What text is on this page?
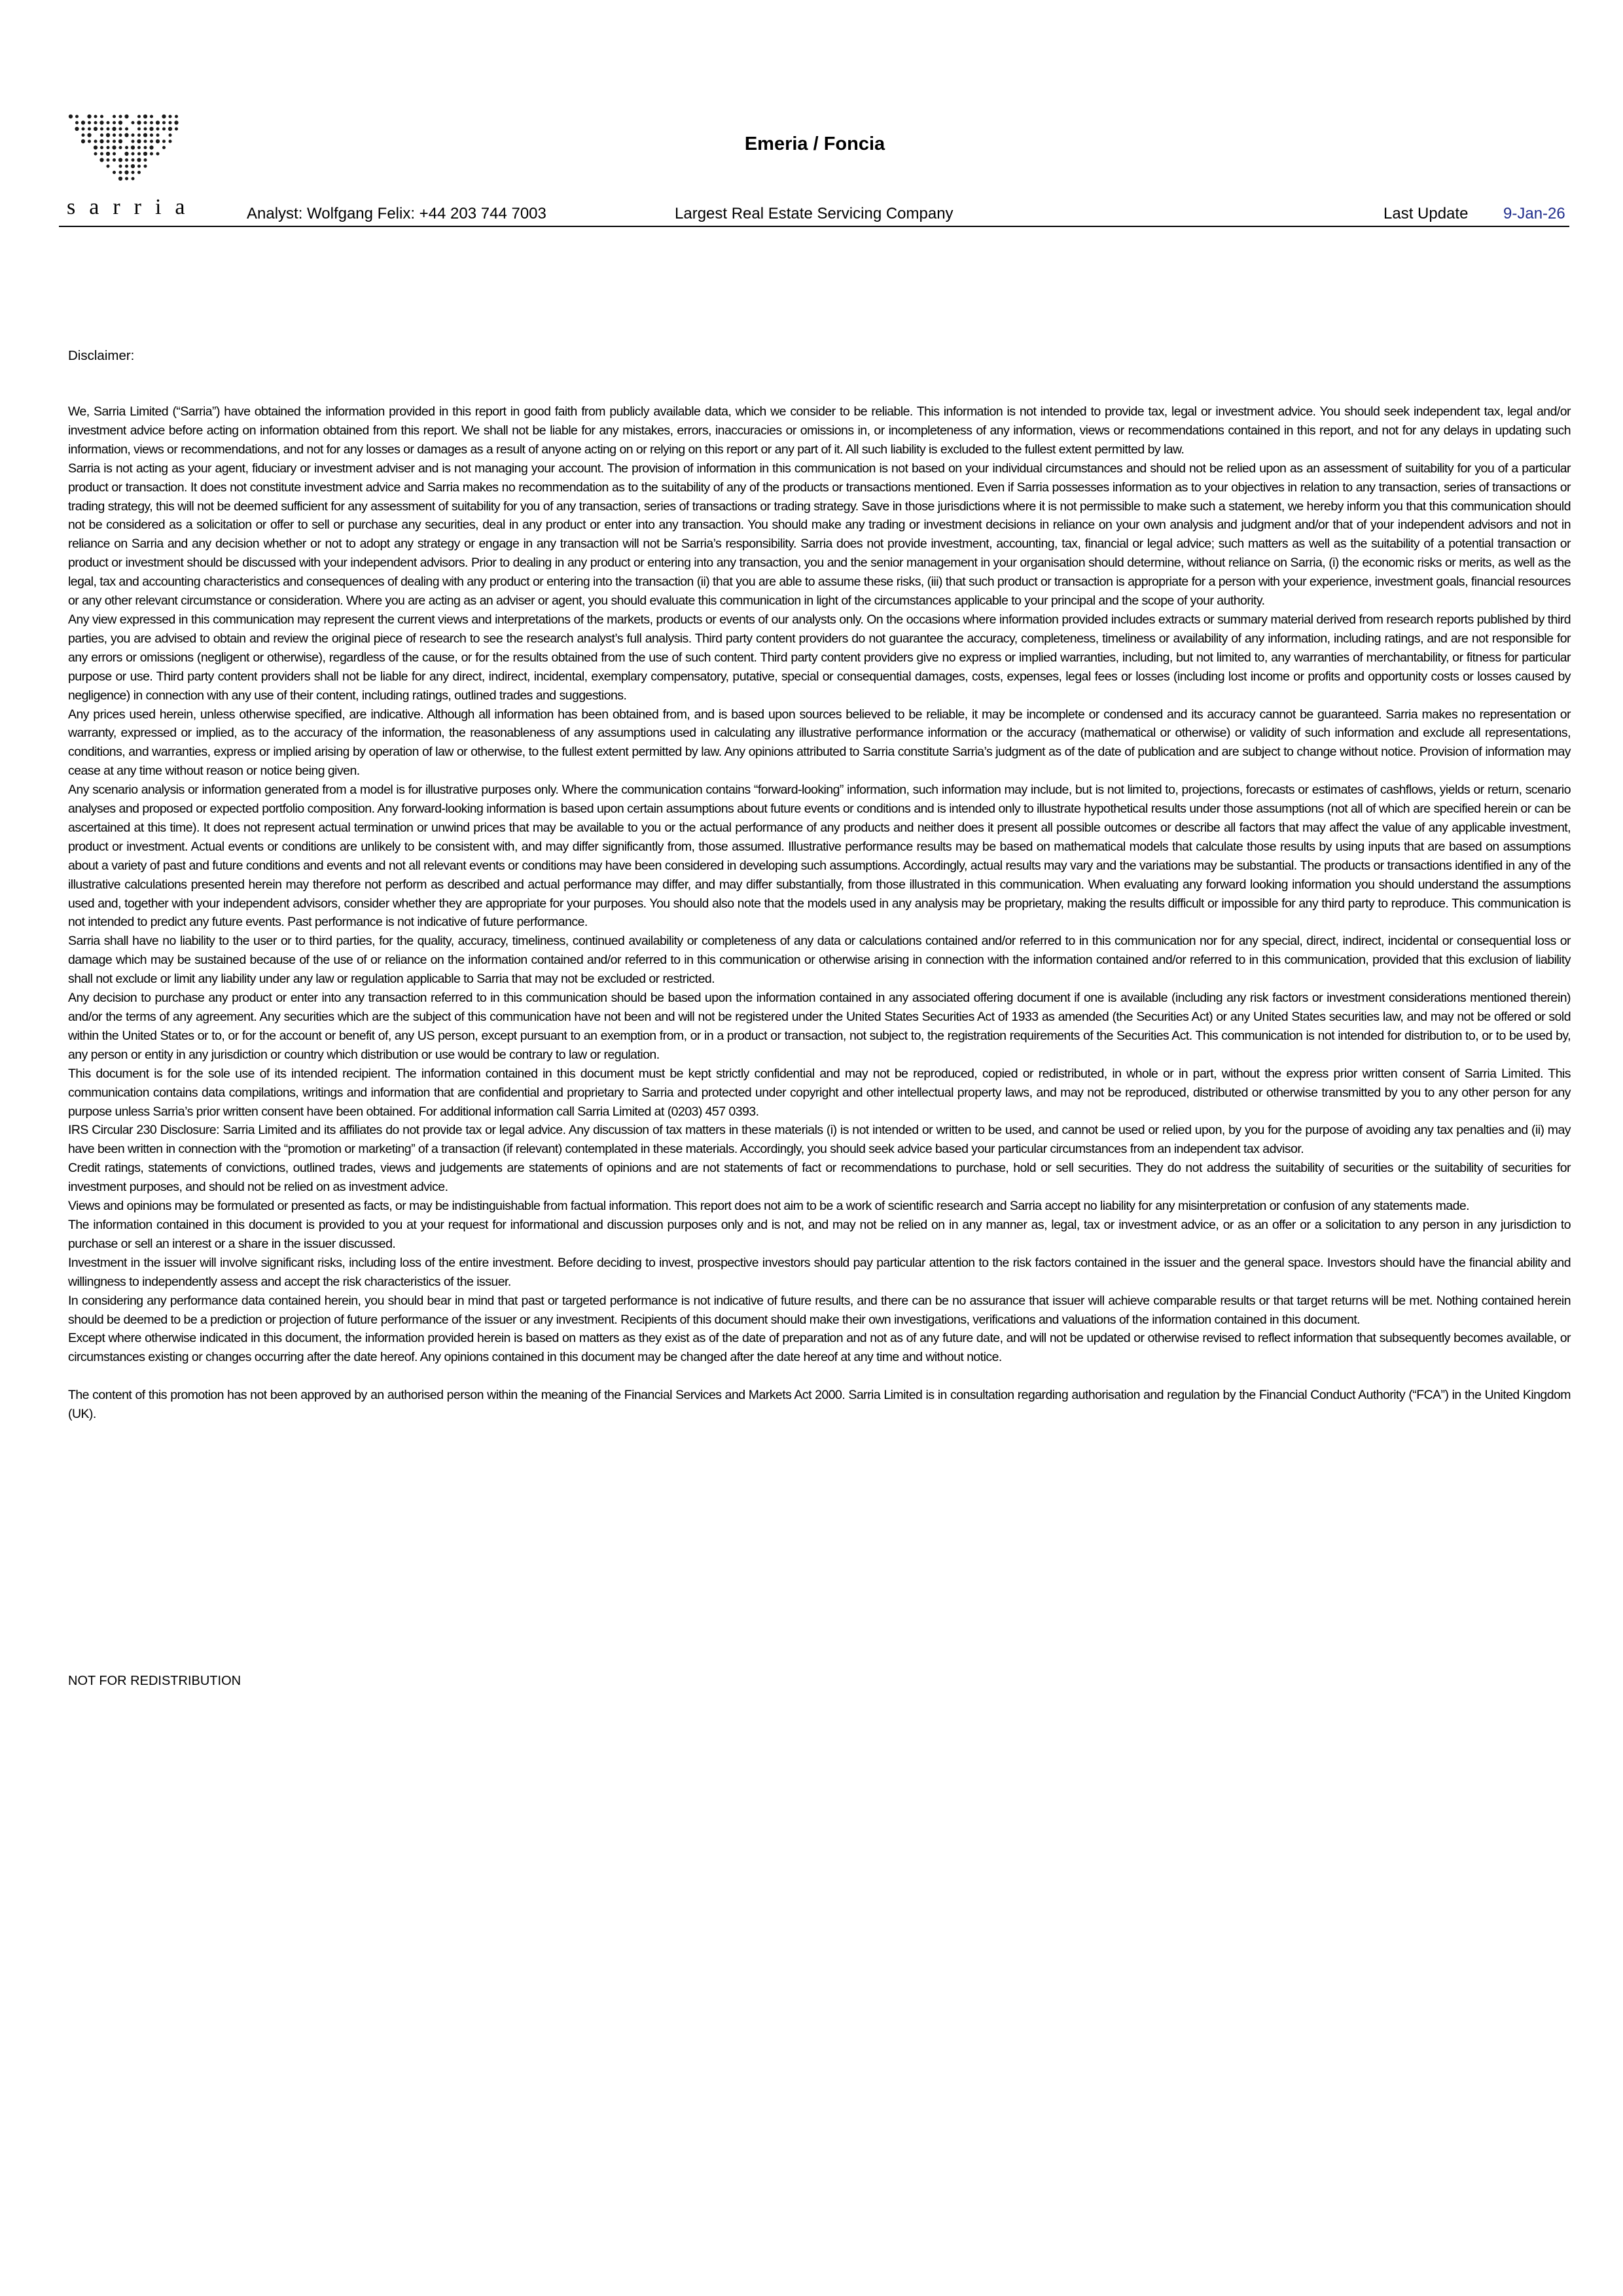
sarria
Emeria / Foncia
Analyst: Wolfgang Felix: +44 203 744 7003	Largest Real Estate Servicing Company	Last Update 9-Jan-26
Disclaimer:

We, Sarria Limited (“Sarria”) have obtained the information provided in this report in good faith from publicly available data, which we consider to be reliable. This information is not intended to provide tax, legal or investment advice. You should seek independent tax, legal and/or investment advice before acting on information obtained from this report. We shall not be liable for any mistakes, errors, inaccuracies or omissions in, or incompleteness of any information, views or recommendations contained in this report, and not for any delays in updating such information, views or recommendations, and not for any losses or damages as a result of anyone acting on or relying on this report or any part of it. All such liability is excluded to the fullest extent permitted by law.

Sarria is not acting as your agent, fiduciary or investment adviser and is not managing your account. The provision of information in this communication is not based on your individual circumstances and should not be relied upon as an assessment of suitability for you of a particular product or transaction. It does not constitute investment advice and Sarria makes no recommendation as to the suitability of any of the products or transactions mentioned. Even if Sarria possesses information as to your objectives in relation to any transaction, series of transactions or trading strategy, this will not be deemed sufficient for any assessment of suitability for you of any transaction, series of transactions or trading strategy. Save in those jurisdictions where it is not permissible to make such a statement, we hereby inform you that this communication should not be considered as a solicitation or offer to sell or purchase any securities, deal in any product or enter into any transaction. You should make any trading or investment decisions in reliance on your own analysis and judgment and/or that of your independent advisors and not in reliance on Sarria and any decision whether or not to adopt any strategy or engage in any transaction will not be Sarria’s responsibility. Sarria does not provide investment, accounting, tax, financial or legal advice; such matters as well as the suitability of a potential transaction or product or investment should be discussed with your independent advisors. Prior to dealing in any product or entering into any transaction, you and the senior management in your organisation should determine, without reliance on Sarria, (i) the economic risks or merits, as well as the legal, tax and accounting characteristics and consequences of dealing with any product or entering into the transaction (ii) that you are able to assume these risks, (iii) that such product or transaction is appropriate for a person with your experience, investment goals, financial resources or any other relevant circumstance or consideration. Where you are acting as an adviser or agent, you should evaluate this communication in light of the circumstances applicable to your principal and the scope of your authority.

Any view expressed in this communication may represent the current views and interpretations of the markets, products or events of our analysts only. On the occasions where information provided includes extracts or summary material derived from research reports published by third parties, you are advised to obtain and review the original piece of research to see the research analyst’s full analysis. Third party content providers do not guarantee the accuracy, completeness, timeliness or availability of any information, including ratings, and are not responsible for any errors or omissions (negligent or otherwise), regardless of the cause, or for the results obtained from the use of such content. Third party content providers give no express or implied warranties, including, but not limited to, any warranties of merchantability, or fitness for particular purpose or use. Third party content providers shall not be liable for any direct, indirect, incidental, exemplary compensatory, putative, special or consequential damages, costs, expenses, legal fees or losses (including lost income or profits and opportunity costs or losses caused by negligence) in connection with any use of their content, including ratings, outlined trades and suggestions.

Any prices used herein, unless otherwise specified, are indicative. Although all information has been obtained from, and is based upon sources believed to be reliable, it may be incomplete or condensed and its accuracy cannot be guaranteed. Sarria makes no representation or warranty, expressed or implied, as to the accuracy of the information, the reasonableness of any assumptions used in calculating any illustrative performance information or the accuracy (mathematical or otherwise) or validity of such information and exclude all representations, conditions, and warranties, express or implied arising by operation of law or otherwise, to the fullest extent permitted by law. Any opinions attributed to Sarria constitute Sarria’s judgment as of the date of publication and are subject to change without notice. Provision of information may cease at any time without reason or notice being given.

Any scenario analysis or information generated from a model is for illustrative purposes only. Where the communication contains “forward-looking” information, such information may include, but is not limited to, projections, forecasts or estimates of cashflows, yields or return, scenario analyses and proposed or expected portfolio composition. Any forward-looking information is based upon certain assumptions about future events or conditions and is intended only to illustrate hypothetical results under those assumptions (not all of which are specified herein or can be ascertained at this time). It does not represent actual termination or unwind prices that may be available to you or the actual performance of any products and neither does it present all possible outcomes or describe all factors that may affect the value of any applicable investment, product or investment. Actual events or conditions are unlikely to be consistent with, and may differ significantly from, those assumed. Illustrative performance results may be based on mathematical models that calculate those results by using inputs that are based on assumptions about a variety of past and future conditions and events and not all relevant events or conditions may have been considered in developing such assumptions. Accordingly, actual results may vary and the variations may be substantial. The products or transactions identified in any of the illustrative calculations presented herein may therefore not perform as described and actual performance may differ, and may differ substantially, from those illustrated in this communication. When evaluating any forward looking information you should understand the assumptions used and, together with your independent advisors, consider whether they are appropriate for your purposes. You should also note that the models used in any analysis may be proprietary, making the results difficult or impossible for any third party to reproduce. This communication is not intended to predict any future events. Past performance is not indicative of future performance.

Sarria shall have no liability to the user or to third parties, for the quality, accuracy, timeliness, continued availability or completeness of any data or calculations contained and/or referred to in this communication nor for any special, direct, indirect, incidental or consequential loss or damage which may be sustained because of the use of or reliance on the information contained and/or referred to in this communication or otherwise arising in connection with the information contained and/or referred to in this communication, provided that this exclusion of liability shall not exclude or limit any liability under any law or regulation applicable to Sarria that may not be excluded or restricted.

Any decision to purchase any product or enter into any transaction referred to in this communication should be based upon the information contained in any associated offering document if one is available (including any risk factors or investment considerations mentioned therein) and/or the terms of any agreement. Any securities which are the subject of this communication have not been and will not be registered under the United States Securities Act of 1933 as amended (the Securities Act) or any United States securities law, and may not be offered or sold within the United States or to, or for the account or benefit of, any US person, except pursuant to an exemption from, or in a product or transaction, not subject to, the registration requirements of the Securities Act. This communication is not intended for distribution to, or to be used by, any person or entity in any jurisdiction or country which distribution or use would be contrary to law or regulation.

This document is for the sole use of its intended recipient. The information contained in this document must be kept strictly confidential and may not be reproduced, copied or redistributed, in whole or in part, without the express prior written consent of Sarria Limited. This communication contains data compilations, writings and information that are confidential and proprietary to Sarria and protected under copyright and other intellectual property laws, and may not be reproduced, distributed or otherwise transmitted by you to any other person for any purpose unless Sarria’s prior written consent have been obtained. For additional information call Sarria Limited at (0203) 457 0393.

IRS Circular 230 Disclosure: Sarria Limited and its affiliates do not provide tax or legal advice. Any discussion of tax matters in these materials (i) is not intended or written to be used, and cannot be used or relied upon, by you for the purpose of avoiding any tax penalties and (ii) may have been written in connection with the “promotion or marketing” of a transaction (if relevant) contemplated in these materials. Accordingly, you should seek advice based your particular circumstances from an independent tax advisor.

Credit ratings, statements of convictions, outlined trades, views and judgements are statements of opinions and are not statements of fact or recommendations to purchase, hold or sell securities. They do not address the suitability of securities or the suitability of securities for investment purposes, and should not be relied on as investment advice.

Views and opinions may be formulated or presented as facts, or may be indistinguishable from factual information. This report does not aim to be a work of scientific research and Sarria accept no liability for any misinterpretation or confusion of any statements made.

The information contained in this document is provided to you at your request for informational and discussion purposes only and is not, and may not be relied on in any manner as, legal, tax or investment advice, or as an offer or a solicitation to any person in any jurisdiction to purchase or sell an interest or a share in the issuer discussed.

Investment in the issuer will involve significant risks, including loss of the entire investment. Before deciding to invest, prospective investors should pay particular attention to the risk factors contained in the issuer and the general space. Investors should have the financial ability and willingness to independently assess and accept the risk characteristics of the issuer.

In considering any performance data contained herein, you should bear in mind that past or targeted performance is not indicative of future results, and there can be no assurance that issuer will achieve comparable results or that target returns will be met. Nothing contained herein should be deemed to be a prediction or projection of future performance of the issuer or any investment. Recipients of this document should make their own investigations, verifications and valuations of the information contained in this document.

Except where otherwise indicated in this document, the information provided herein is based on matters as they exist as of the date of preparation and not as of any future date, and will not be updated or otherwise revised to reflect information that subsequently becomes available, or circumstances existing or changes occurring after the date hereof. Any opinions contained in this document may be changed after the date hereof at any time and without notice.

The content of this promotion has not been approved by an authorised person within the meaning of the Financial Services and Markets Act 2000. Sarria Limited is in consultation regarding authorisation and regulation by the Financial Conduct Authority (“FCA”) in the United Kingdom (UK).

NOT FOR REDISTRIBUTION
